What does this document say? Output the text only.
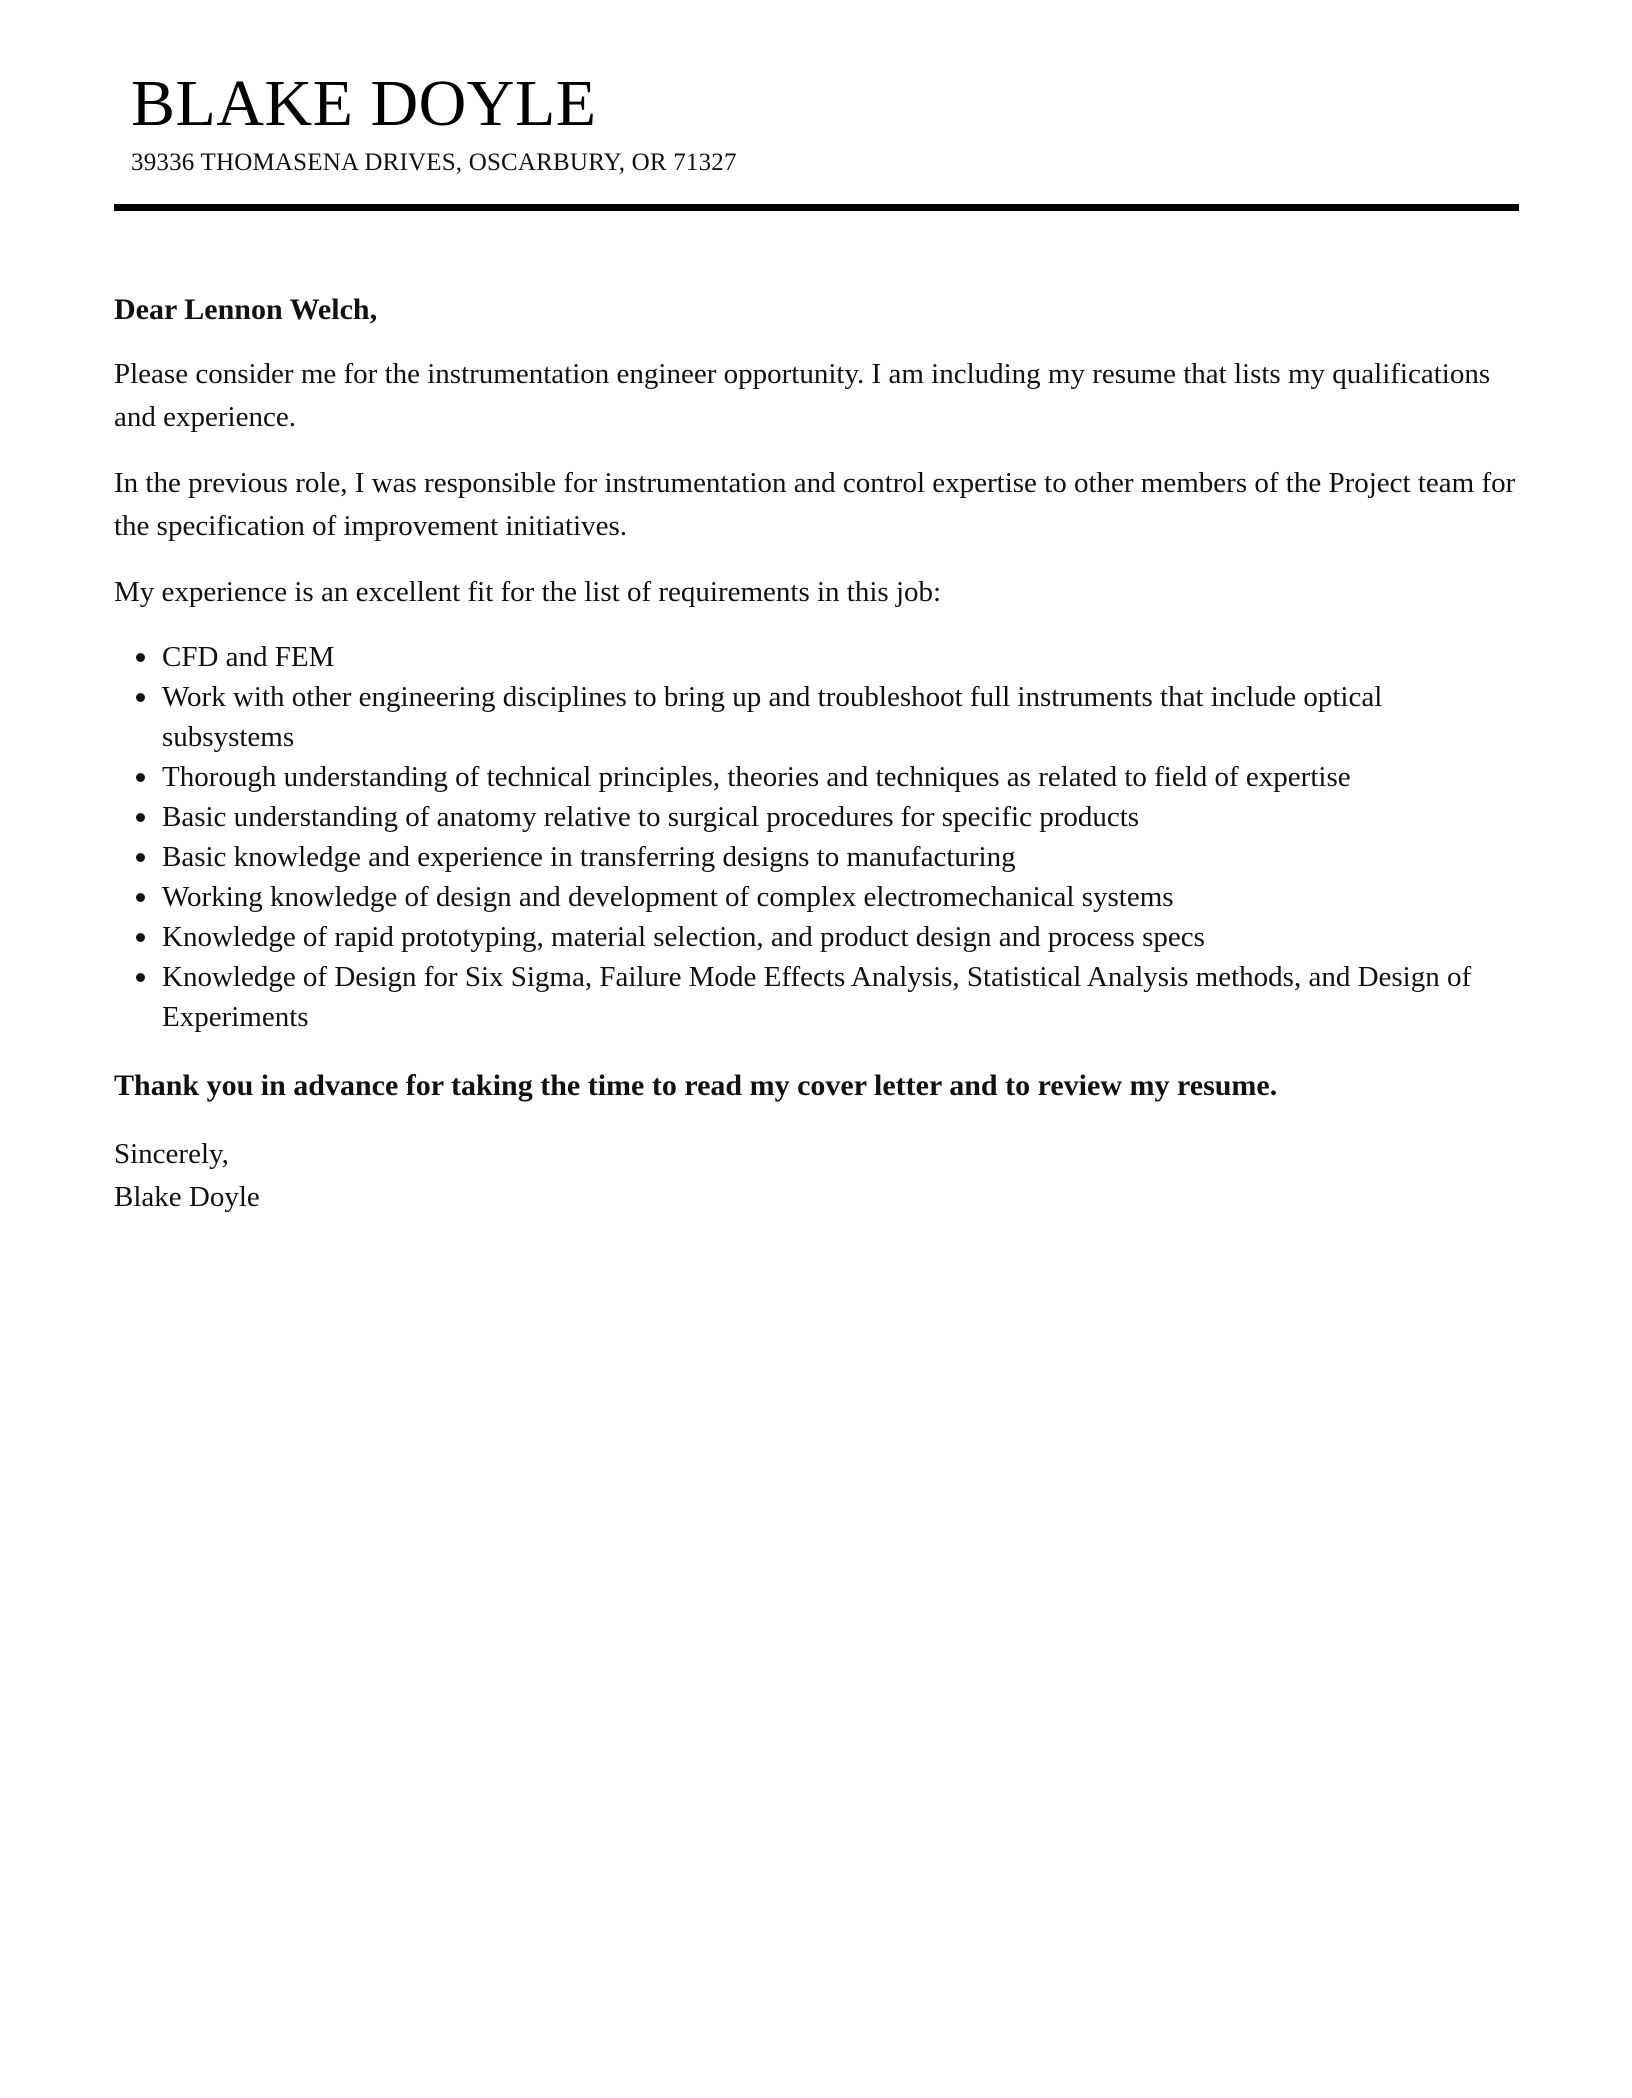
BLAKE DOYLE
39336 THOMASENA DRIVES, OSCARBURY, OR 71327

Dear Lennon Welch,

Please consider me for the instrumentation engineer opportunity. I am including my resume that lists my qualifications and experience.

In the previous role, I was responsible for instrumentation and control expertise to other members of the Project team for the specification of improvement initiatives.

My experience is an excellent fit for the list of requirements in this job:

CFD and FEM
Work with other engineering disciplines to bring up and troubleshoot full instruments that include optical subsystems
Thorough understanding of technical principles, theories and techniques as related to field of expertise
Basic understanding of anatomy relative to surgical procedures for specific products
Basic knowledge and experience in transferring designs to manufacturing
Working knowledge of design and development of complex electromechanical systems
Knowledge of rapid prototyping, material selection, and product design and process specs
Knowledge of Design for Six Sigma, Failure Mode Effects Analysis, Statistical Analysis methods, and Design of Experiments

Thank you in advance for taking the time to read my cover letter and to review my resume.

Sincerely,

Blake Doyle
